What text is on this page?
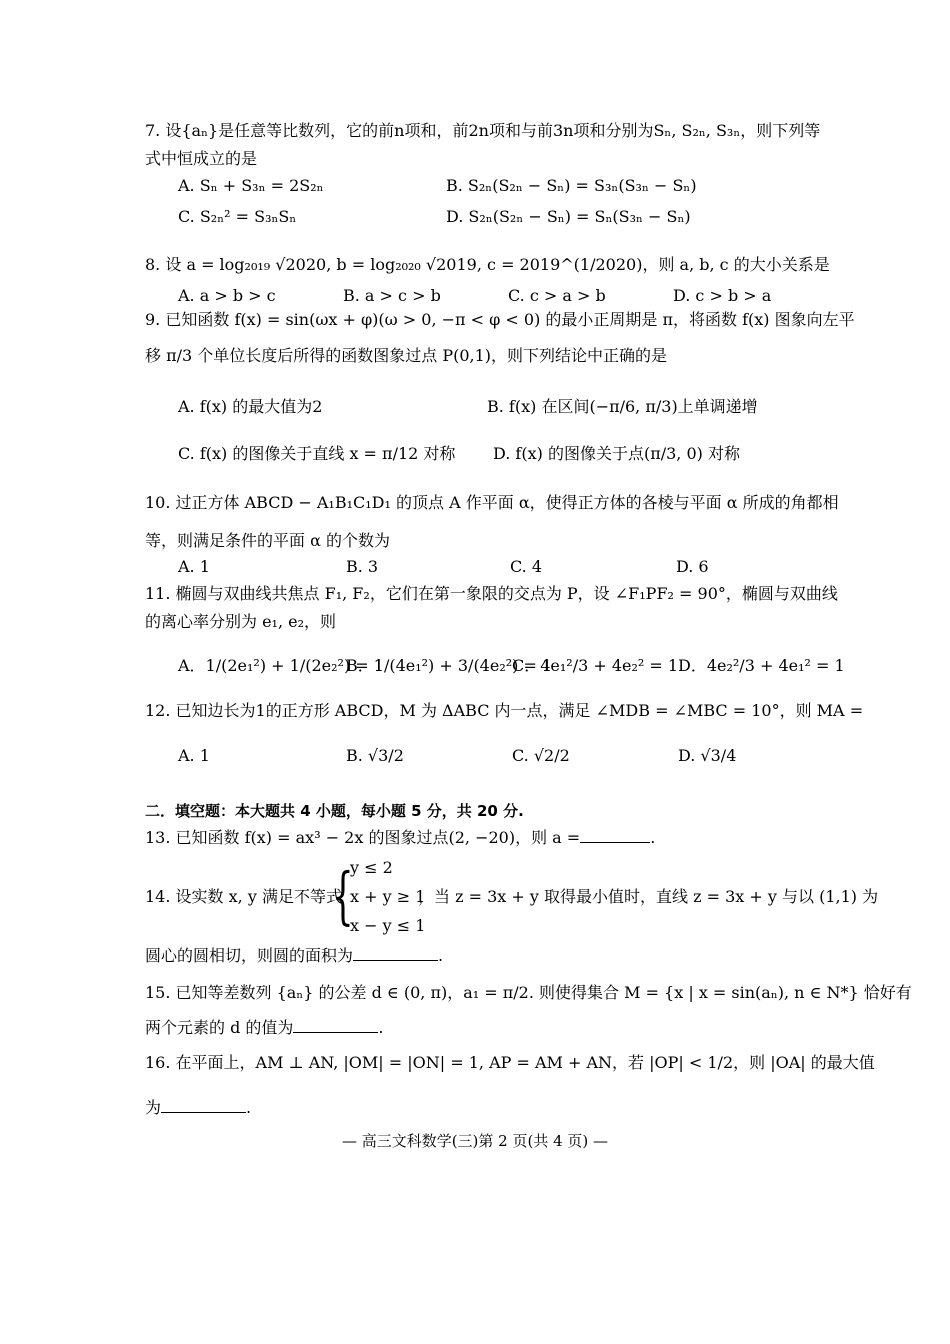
7. 设{aₙ}是任意等比数列，它的前n项和，前2n项和与前3n项和分别为Sₙ, S₂ₙ, S₃ₙ，则下列等
式中恒成立的是
A. Sₙ + S₃ₙ = 2S₂ₙ	B. S₂ₙ(S₂ₙ − Sₙ) = S₃ₙ(S₃ₙ − Sₙ)
C. S₂ₙ² = S₃ₙSₙ	D. S₂ₙ(S₂ₙ − Sₙ) = Sₙ(S₃ₙ − Sₙ)
8. 设 a = log₂₀₁₉ √2020, b = log₂₀₂₀ √2019, c = 2019^(1/2020)，则 a, b, c 的大小关系是
A. a > b > c	B. a > c > b	C. c > a > b	D. c > b > a
9. 已知函数 f(x) = sin(ωx + φ)(ω > 0, −π < φ < 0) 的最小正周期是 π，将函数 f(x) 图象向左平
移 π/3 个单位长度后所得的函数图象过点 P(0,1)，则下列结论中正确的是
A. f(x) 的最大值为2	B. f(x) 在区间(−π/6, π/3)上单调递增
C. f(x) 的图像关于直线 x = π/12 对称 D. f(x) 的图像关于点(π/3, 0) 对称
10. 过正方体 ABCD − A₁B₁C₁D₁ 的顶点 A 作平面 α，使得正方体的各棱与平面 α 所成的角都相
等，则满足条件的平面 α 的个数为
A. 1	B. 3	C. 4	D. 6
11. 椭圆与双曲线共焦点 F₁, F₂，它们在第一象限的交点为 P，设 ∠F₁PF₂ = 90°，椭圆与双曲线
的离心率分别为 e₁, e₂，则
A．1/(2e₁²) + 1/(2e₂²) = 1
B．1/(4e₁²) + 3/(4e₂²) = 1
C．4e₁²/3 + 4e₂² = 1 D．4e₂²/3 + 4e₁² = 1
12. 已知边长为1的正方形 ABCD，M 为 ΔABC 内一点，满足 ∠MDB = ∠MBC = 10°，则 MA =
A. 1	B. √3/2	C. √2/2	D. √3/4
二．填空题：本大题共 4 小题，每小题 5 分，共 20 分.
13. 已知函数 f(x) = ax³ − 2x 的图象过点(2, −20)，则 a =	.
14. 设实数 x, y 满足不等式
{
y ≤ 2
x + y ≥ 1
x − y ≤ 1
，当 z = 3x + y 取得最小值时，直线 z = 3x + y 与以 (1,1) 为
圆心的圆相切，则圆的面积为	.
15. 已知等差数列 {aₙ} 的公差 d ∈ (0, π)，a₁ = π/2. 则使得集合 M = {x | x = sin(aₙ), n ∈ N*} 恰好有
两个元素的 d 的值为	.
16. 在平面上，AM ⊥ AN, |OM| = |ON| = 1, AP = AM + AN，若 |OP| < 1/2，则 |OA| 的最大值
为	.
— 高三文科数学(三)第 2 页(共 4 页) —
